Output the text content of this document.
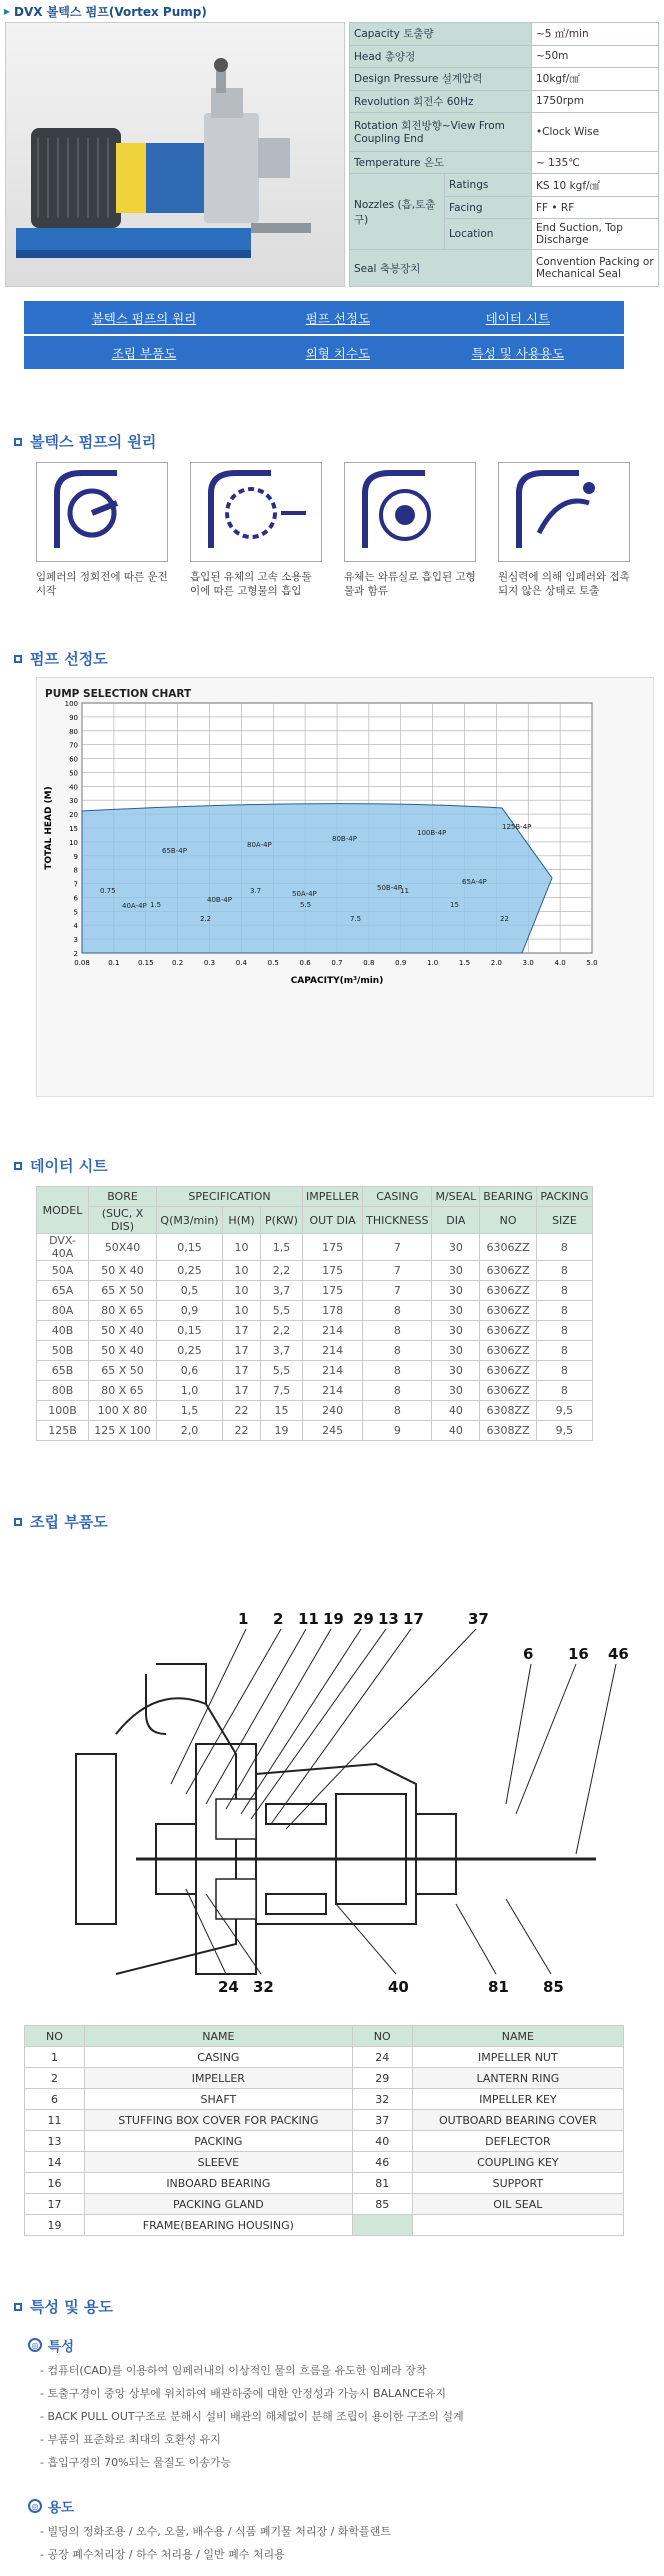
▸ DVX 볼텍스 펌프(Vortex Pump)
Capacity 토출량		~5 ㎥/min
Head 총양정		~50m
Design Pressure 설계압력		10kgf/㎠
Revolution 회전수 60Hz		1750rpm
Rotation 회전방향~View From Coupling End		•Clock Wise
Temperature 온도		~ 135℃
Nozzles (흡,토출구)	Ratings	KS 10 kgf/㎠
	Facing	FF • RF
	Location	End Suction, Top Discharge
Seal 축봉장치		Convention Packing or Mechanical Seal
볼텍스 펌프의 원리	펌프 선정도	데이터 시트
조립 부품도	외형 치수도	특성 및 사용용도
볼텍스 펌프의 원리
임페러의 정회전에 따른 운전 시작
흡입된 유체의 고속 소용돌 이에 따른 고형물의 흡입
유체는 와류실로 흡입된 고형물과 함류
원심력에 의해 임페러와 접촉 되지 않은 상태로 토출
펌프 선정도
PUMP SELECTION CHART
0.08	0.1	0.15	0.2	0.3	0.4	0.5	0.6	0.7	0.8	0.9	1.0	1.5	2.0	3.0	4.0	5.0
2
3
4
5
6
7
8
9
10
15
20
30
40
50
60
70
80
90
100
40A-4P
40B-4P
50A-4P
50B-4P
65A-4P
65B-4P
80A-4P
80B-4P
100B-4P
125B-4P
0.75
1.5
2.2
3.7
5.5
7.5
11
15
22
CAPACITY(m³/min)
TOTAL HEAD (M)
데이터 시트
MODEL	BORE	SPECIFICATION			IMPELLER	CASING	M/SEAL	BEARING	PACKING
	(SUC, X DIS)	Q(M3/min)	H(M)	P(KW)	OUT DIA	THICKNESS	DIA	NO	SIZE
DVX-40A	50X40	0,15	10	1,5	175	7	30	6306ZZ	8
50A	50 X 40	0,25	10	2,2	175	7	30	6306ZZ	8
65A	65 X 50	0,5	10	3,7	175	7	30	6306ZZ	8
80A	80 X 65	0,9	10	5,5	178	8	30	6306ZZ	8
40B	50 X 40	0,15	17	2,2	214	8	30	6306ZZ	8
50B	50 X 40	0,25	17	3,7	214	8	30	6306ZZ	8
65B	65 X 50	0,6	17	5,5	214	8	30	6306ZZ	8
80B	80 X 65	1,0	17	7,5	214	8	30	6306ZZ	8
100B	100 X 80	1,5	22	15	240	8	40	6308ZZ	9,5
125B	125 X 100	2,0	22	19	245	9	40	6308ZZ	9,5
조립 부품도
1 2 11 19 29 13 17	37
6 16 46
24 32	40	81 85
NO	NAME	NO	NAME
1	CASING	24	IMPELLER NUT
2	IMPELLER	29	LANTERN RING
6	SHAFT	32	IMPELLER KEY
11	STUFFING BOX COVER FOR PACKING	37	OUTBOARD BEARING COVER
13	PACKING	40	DEFLECTOR
14	SLEEVE	46	COUPLING KEY
16	INBOARD BEARING	81	SUPPORT
17	PACKING GLAND	85	OIL SEAL
19	FRAME(BEARING HOUSING)		
특성 및 용도
◎ 특성
- 컴퓨터(CAD)를 이용하여 임페러내의 이상적인 물의 흐름을 유도한 임페라 장착
- 토출구경이 중앙 상부에 위치하여 배관하중에 대한 안정성과 가능시 BALANCE유지
- BACK PULL OUT구조로 분해시 설비 배관의 해체없이 분해 조립이 용이한 구조의 설계
- 부품의 표준화로 최대의 호환성 유지
- 흡입구경의 70%되는 물질도 이송가능
◎ 용도
- 빌딩의 정화조용 / 오수, 오물, 배수용 / 식품 폐기물 처리장 / 화학플랜트
- 공장 폐수처리장 / 하수 처리용 / 일반 폐수 처리용
